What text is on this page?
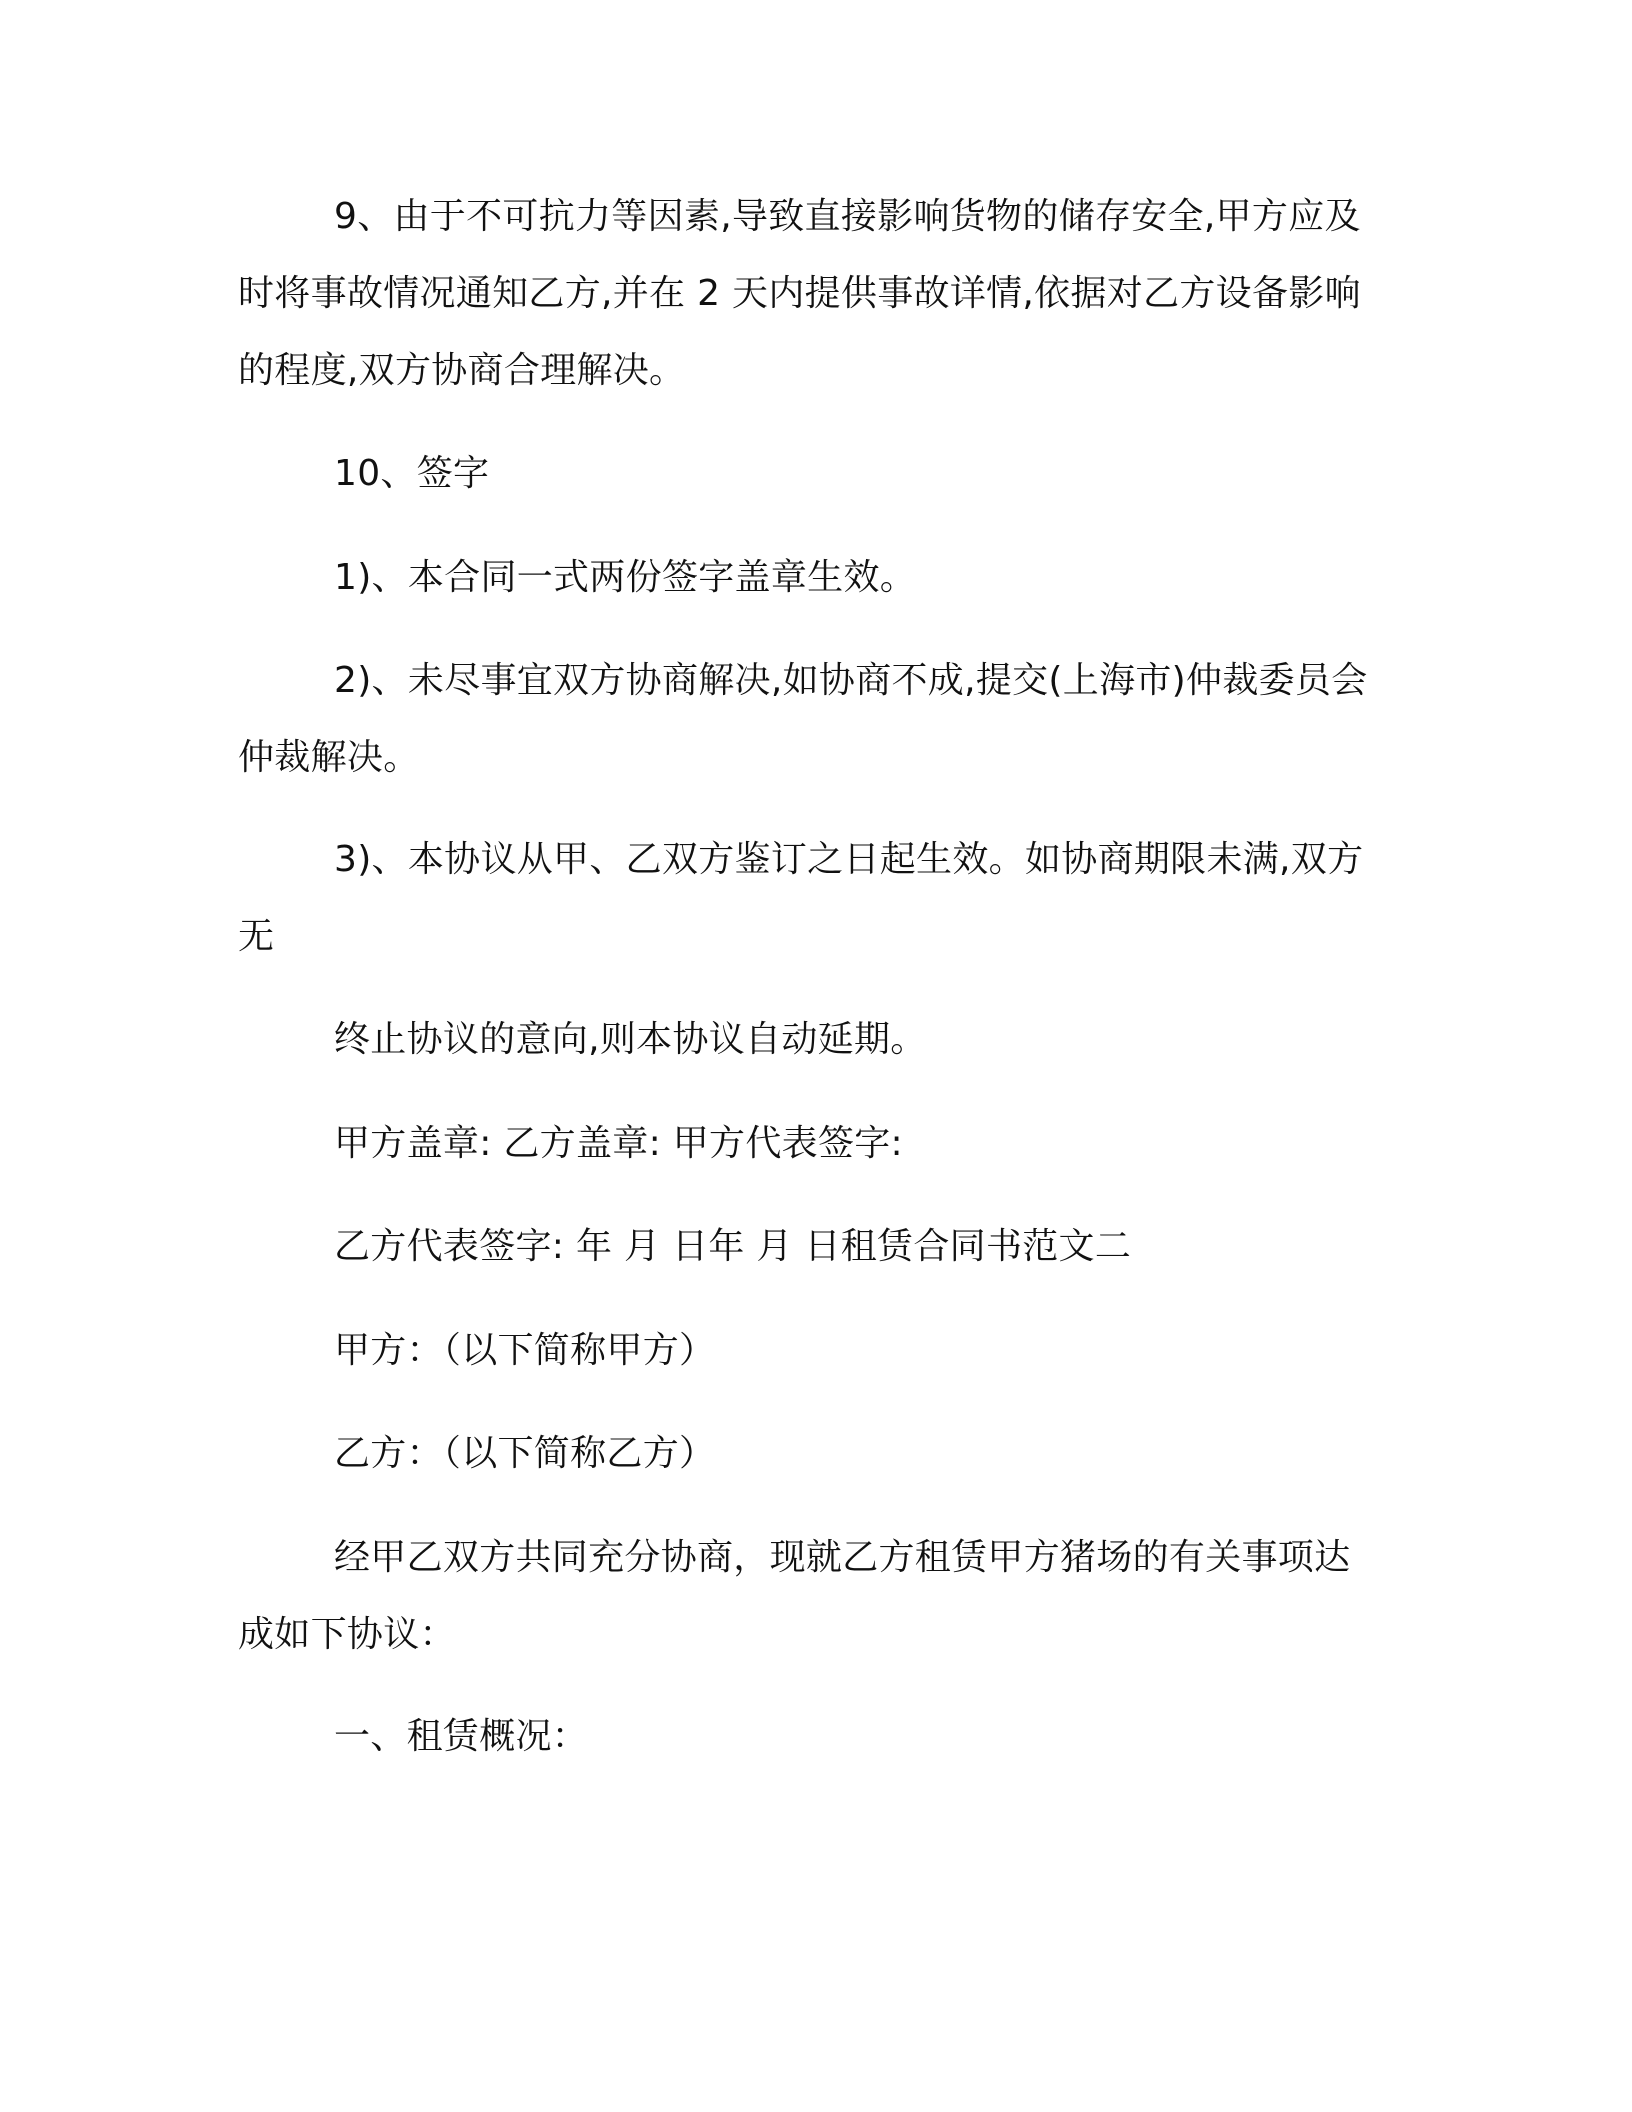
9、由于不可抗力等因素,导致直接影响货物的储存安全,甲方应及

时将事故情况通知乙方,并在 2 天内提供事故详情,依据对乙方设备影响

的程度,双方协商合理解决。

10、签字

1)、本合同一式两份签字盖章生效。

2)、未尽事宜双方协商解决,如协商不成,提交(上海市)仲裁委员会

仲裁解决。

3)、本协议从甲、乙双方鉴订之日起生效。如协商期限未满,双方

无

终止协议的意向,则本协议自动延期。

甲方盖章: 乙方盖章: 甲方代表签字:

乙方代表签字: 年 月 日年 月 日租赁合同书范文二

甲方：（以下简称甲方）

乙方：（以下简称乙方）

经甲乙双方共同充分协商，现就乙方租赁甲方猪场的有关事项达

成如下协议：

一、租赁概况：
